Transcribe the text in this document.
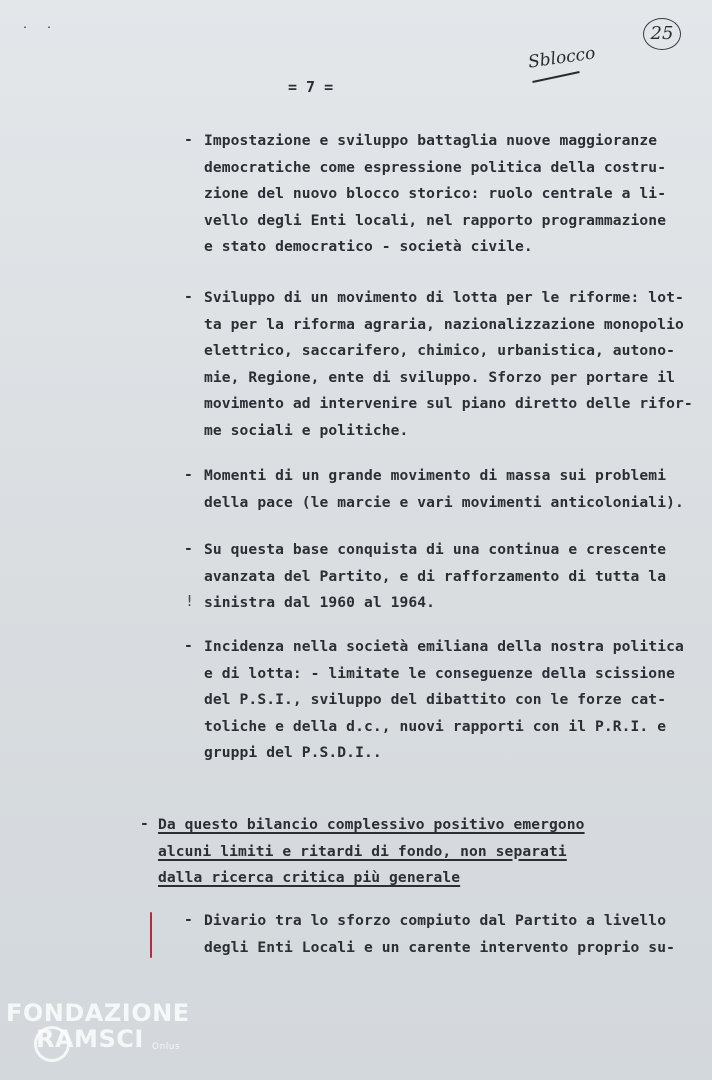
. .	25
Sblocco
= 7 =
- Impostazione e sviluppo battaglia nuove maggioranze
democratiche come espressione politica della costru-
zione del nuovo blocco storico: ruolo centrale a li-
vello degli Enti locali, nel rapporto programmazione
e stato democratico - società civile.
- Sviluppo di un movimento di lotta per le riforme: lot-
ta per la riforma agraria, nazionalizzazione monopolio
elettrico, saccarifero, chimico, urbanistica, autono-
mie, Regione, ente di sviluppo. Sforzo per portare il
movimento ad intervenire sul piano diretto delle rifor-
me sociali e politiche.
- Momenti di un grande movimento di massa sui problemi
della pace (le marcie e vari movimenti anticoloniali).
- Su questa base conquista di una continua e crescente
avanzata del Partito, e di rafforzamento di tutta la
sinistra dal 1960 al 1964.
!
- Incidenza nella società emiliana della nostra politica
e di lotta: - limitate le conseguenze della scissione
del P.S.I., sviluppo del dibattito con le forze cat-
toliche e della d.c., nuovi rapporti con il P.R.I. e
gruppi del P.S.D.I..
- Da questo bilancio complessivo positivo emergono
alcuni limiti e ritardi di fondo, non separati
dalla ricerca critica più generale
- Divario tra lo sforzo compiuto dal Partito a livello
degli Enti Locali e un carente intervento proprio su-
FONDAZIONE
RAMSCI Onlus
